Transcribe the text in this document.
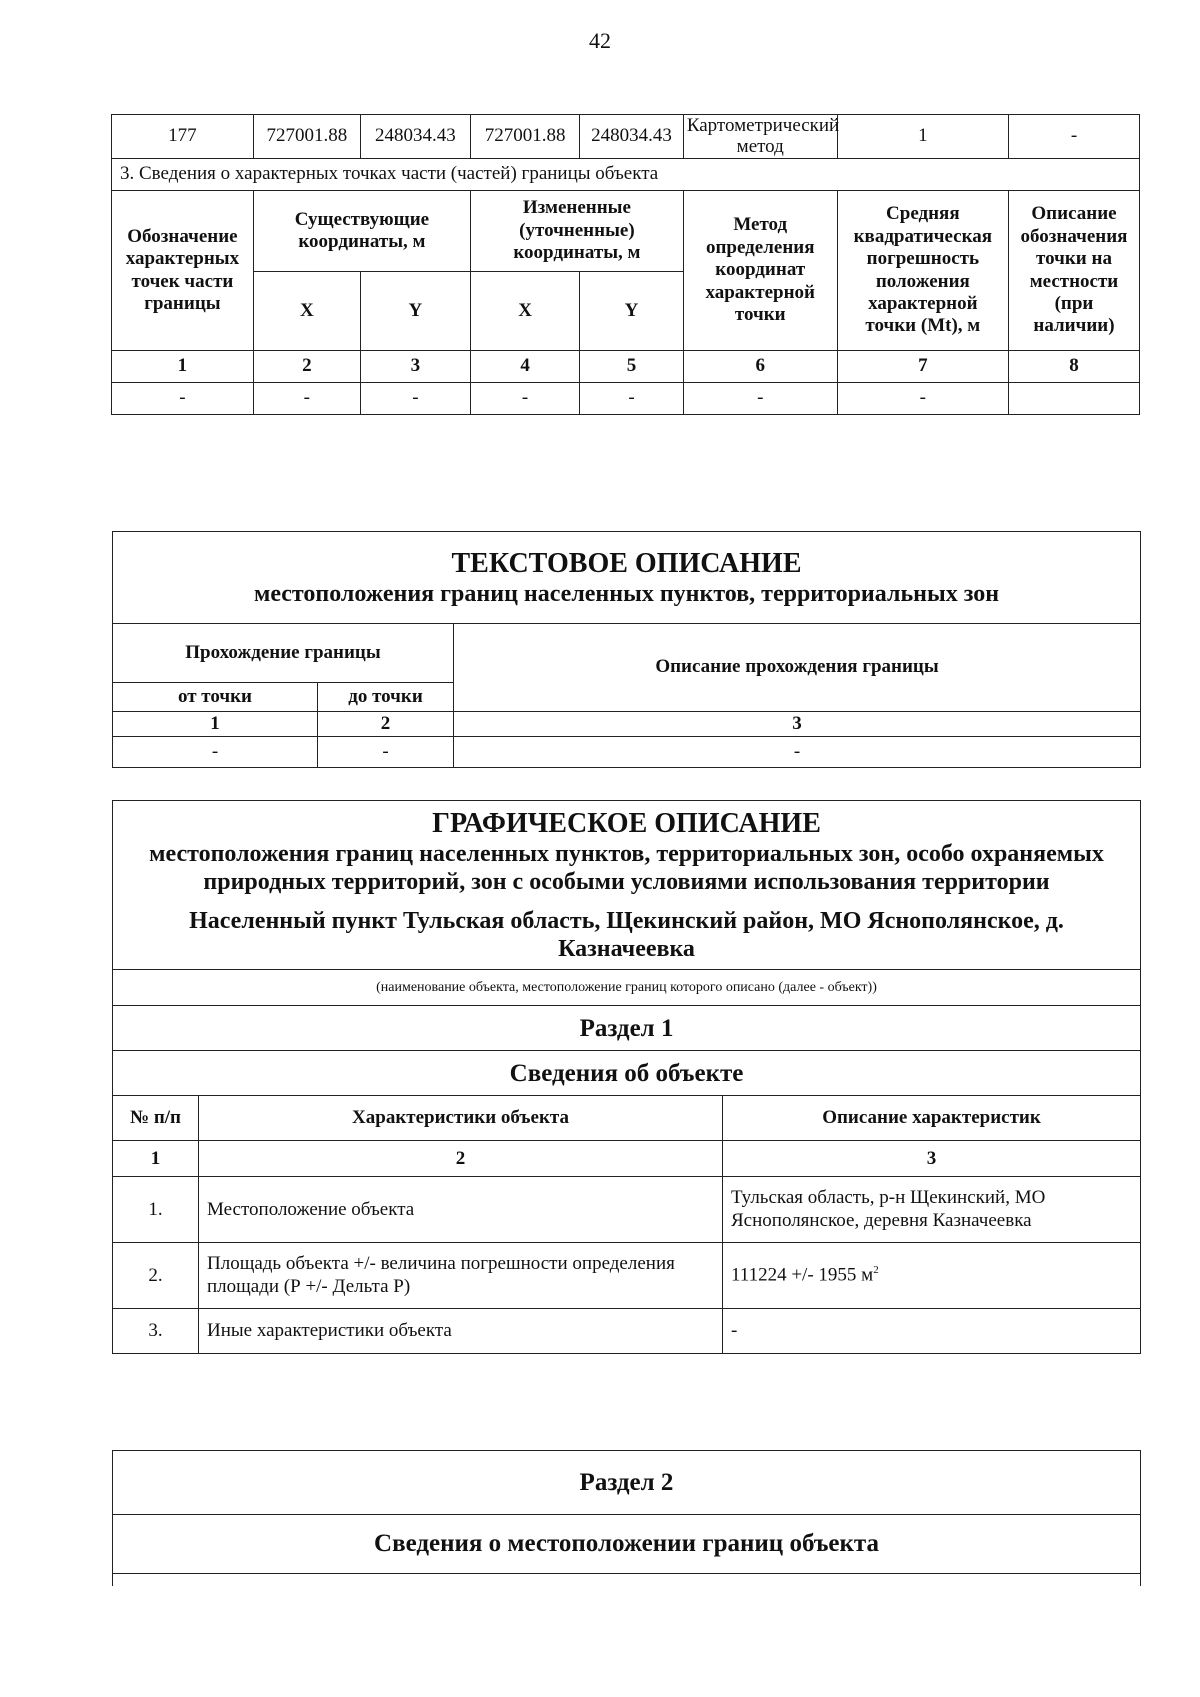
42
177	727001.88	248034.43	727001.88	248034.43	Картометрический метод	1	-
3. Сведения о характерных точках части (частей) границы объекта							
Обозначение характерных точек части границы	Существующие координаты, м		Измененные (уточненные) координаты, м		Метод определения координат характерной точки	Средняя квадратическая погрешность положения характерной точки (Mt), м	Описание обозначения точки на местности (при наличии)
	X	Y	X	Y			
1	2	3	4	5	6	7	8
-	-	-	-	-	-	-	
ТЕКСТОВОЕ ОПИСАНИЕ
местоположения границ населенных пунктов, территориальных зон		

Прохождение границы		Описание прохождения границы
от точки	до точки	
1	2	3
-	-	-
ГРАФИЧЕСКОЕ ОПИСАНИЕ
местоположения границ населенных пунктов, территориальных зон, особо охраняемых природных территорий, зон с особыми условиями использования территории
Населенный пункт Тульская область, Щекинский район, МО Яснополянское, д. Казначеевка		

(наименование объекта, местоположение границ которого описано (далее - объект))		
Раздел 1		
Сведения об объекте		
№ п/п	Характеристики объекта	Описание характеристик
1	2	3
1.	Местоположение объекта	Тульская область, р-н Щекинский, МО Яснополянское, деревня Казначеевка
2.	Площадь объекта +/- величина погрешности определения площади (Р +/- Дельта Р)	111224 +/- 1955 $м^2$
3.	Иные характеристики объекта	-
Раздел 2
Сведения о местоположении границ объекта
